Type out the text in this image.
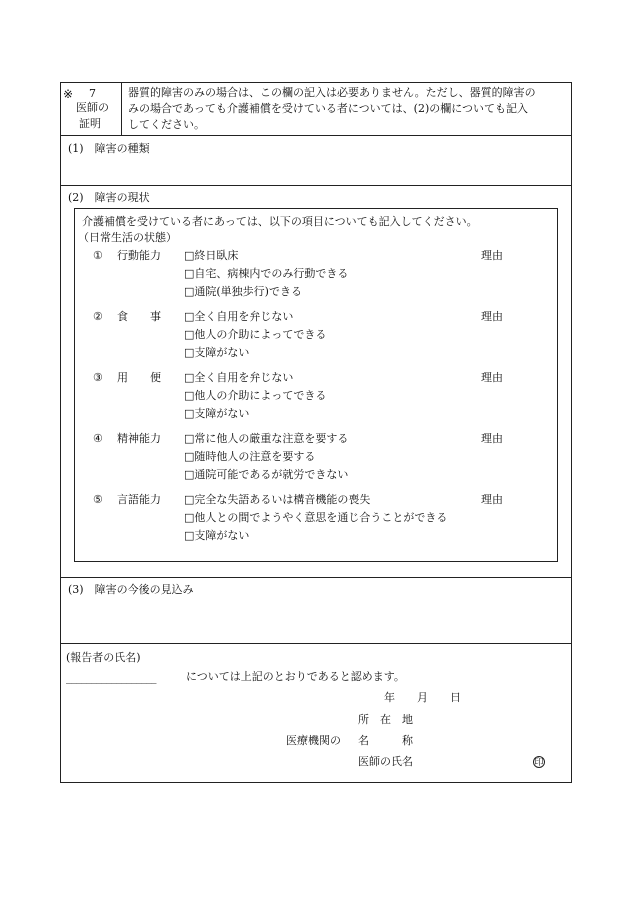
※ 7
医師の
証明
器質的障害のみの場合は、この欄の記入は必要ありません。ただし、器質的障害の
みの場合であっても介護補償を受けている者については、(2)の欄についても記入
してください。
(1)　障害の種類
(2)　障害の現状
介護補償を受けている者にあっては、以下の項目についても記入してください。
（日常生活の状態）
① 行動能力 □終日臥床
□自宅、病棟内でのみ行動できる
□通院(単独歩行)できる
理由
② 食　　事 □全く自用を弁じない
□他人の介助によってできる
□支障がない
理由
③ 用　　便 □全く自用を弁じない
□他人の介助によってできる
□支障がない
理由
④ 精神能力 □常に他人の厳重な注意を要する
□随時他人の注意を要する
□通院可能であるが就労できない
理由
⑤ 言語能力 □完全な失語あるいは構音機能の喪失
□他人との間でようやく意思を通じ合うことができる
□支障がない
理由
(3)　障害の今後の見込み
(報告者の氏名)
__________________	については上記のとおりであると認めます。
年　　月　　日
所　在　地
医療機関の 名　　　称
医師の氏名	印
